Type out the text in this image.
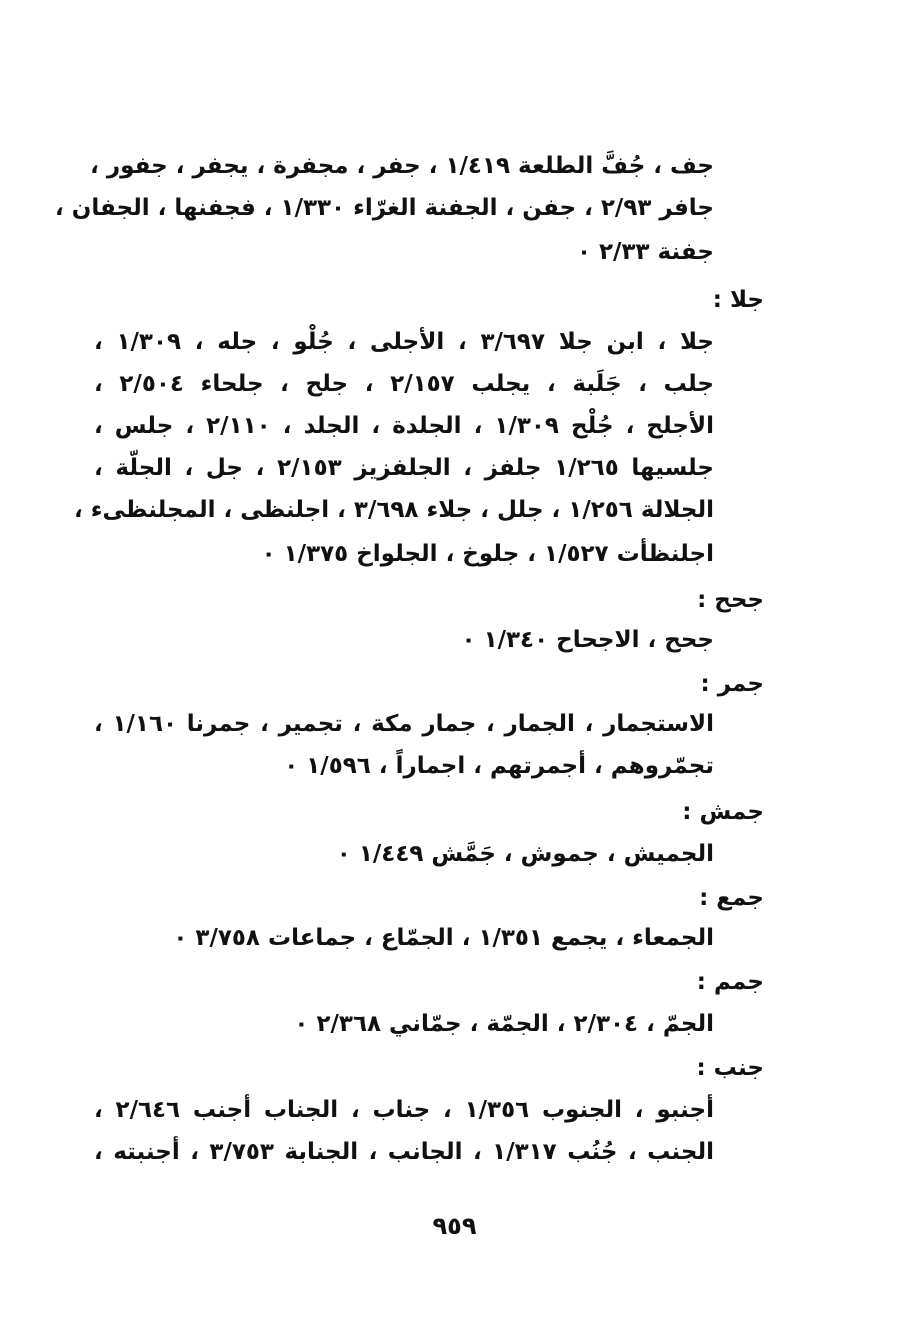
جف ، جُفَّ الطلعة ١/٤١٩ ، جفر ، مجفرة ، يجفر ، جفور ،
جافر ٢/٩٣ ، جفن ، الجفنة الغرّاء ١/٣٣٠ ، فجفنها ، الجفان ،
جفنة ٢/٣٣ ٠
جلا :
جلا ، ابن جلا ٣/٦٩٧ ، الأجلى ، جُلْو ، جله ، ١/٣٠٩ ،
جلب ، جَلَبة ، يجلب ٢/١٥٧ ، جلح ، جلحاء ٢/٥٠٤ ،
الأجلح ، جُلْح ١/٣٠٩ ، الجلدة ، الجلد ، ٢/١١٠ ، جلس ،
جلسيها ١/٢٦٥ جلفز ، الجلفزيز ٢/١٥٣ ، جل ، الجلّة ،
الجلالة ١/٢٥٦ ، جلل ، جلاء ٣/٦٩٨ ، اجلنظى ، المجلنظىء ،
اجلنظأت ١/٥٢٧ ، جلوخ ، الجلواخ ١/٣٧٥ ٠
جحح :
جحح ، الاجحاح ١/٣٤٠ ٠
جمر :
الاستجمار ، الجمار ، جمار مكة ، تجمير ، جمرنا ١/١٦٠ ،
تجمّروهم ، أجمرتهم ، اجماراً ، ١/٥٩٦ ٠
جمش :
الجميش ، جموش ، جَمَّش ١/٤٤٩ ٠
جمع :
الجمعاء ، يجمع ١/٣٥١ ، الجمّاع ، جماعات ٣/٧٥٨ ٠
جمم :
الجمّ ، ٢/٣٠٤ ، الجمّة ، جمّاني ٢/٣٦٨ ٠
جنب :
أجنبو ، الجنوب ١/٣٥٦ ، جناب ، الجناب أجنب ٢/٦٤٦ ،
الجنب ، جُنُب ١/٣١٧ ، الجانب ، الجنابة ٣/٧٥٣ ، أجنبته ،
٩٥٩
